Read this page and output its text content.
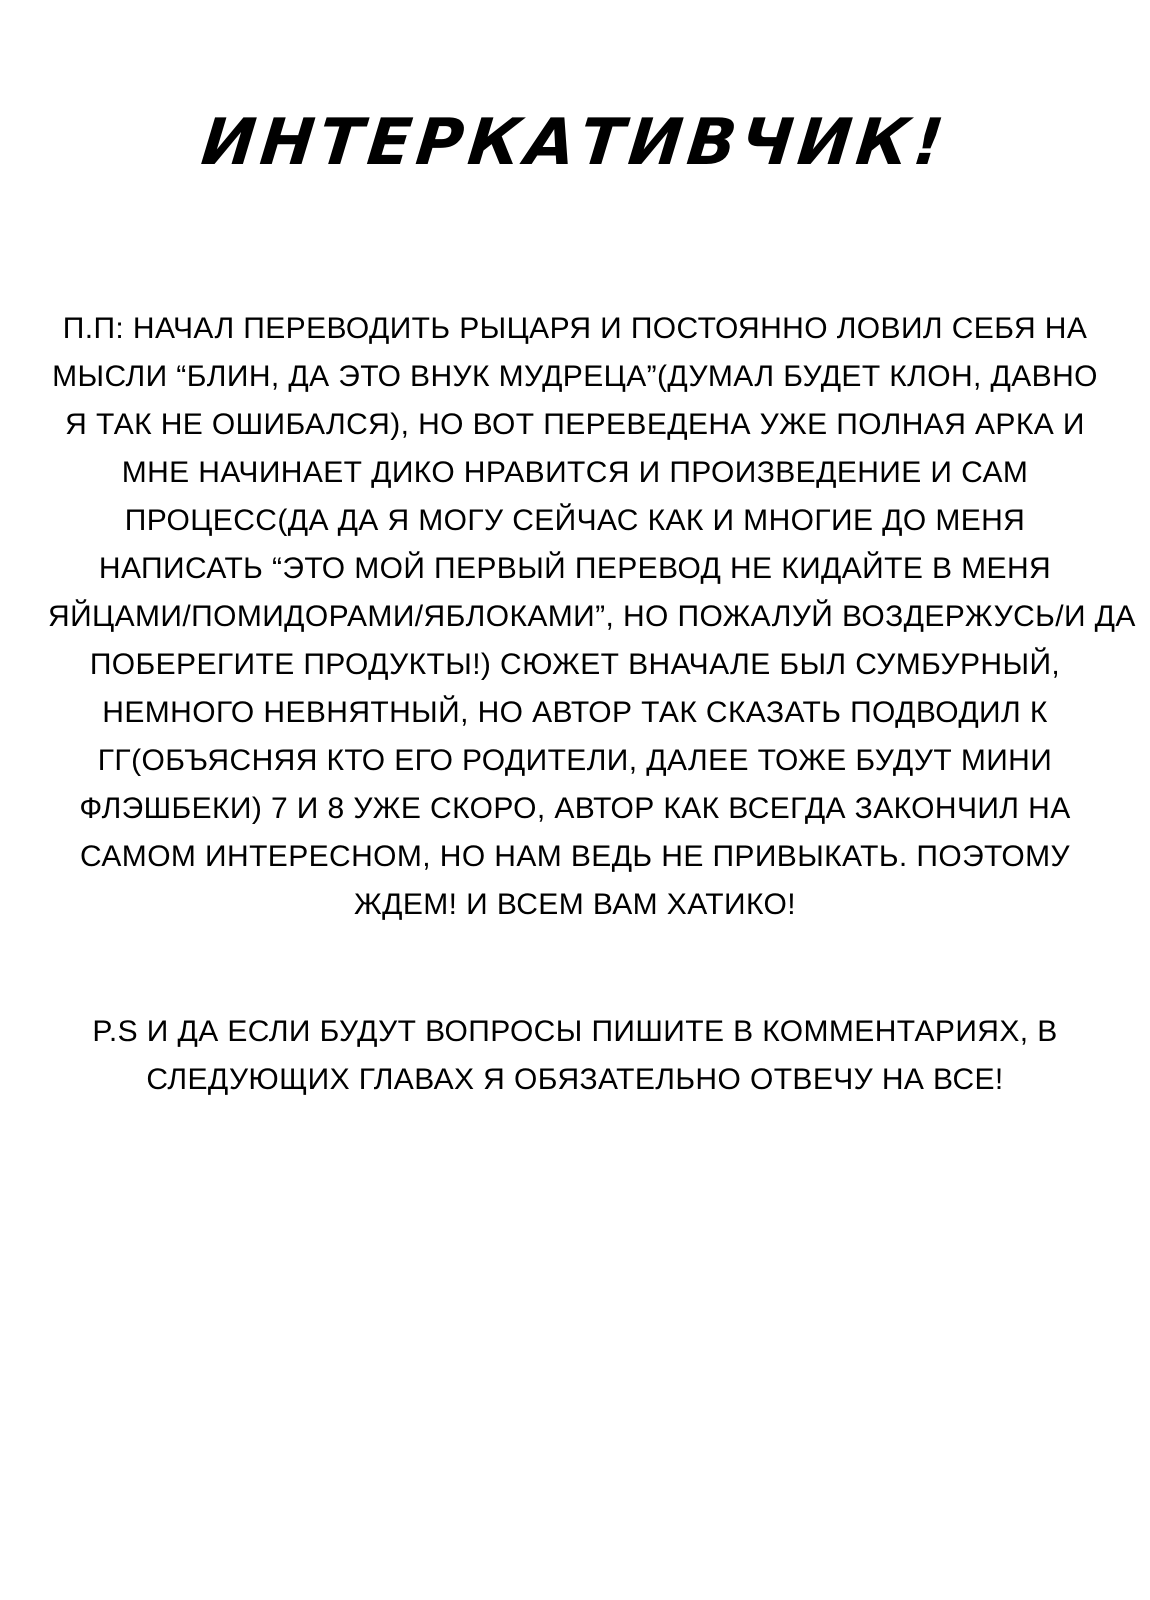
ИНТЕРКАТИВЧИК!
П.П: НАЧАЛ ПЕРЕВОДИТЬ РЫЦАРЯ И ПОСТОЯННО ЛОВИЛ СЕБЯ НА
МЫСЛИ “БЛИН, ДА ЭТО ВНУК МУДРЕЦА”(ДУМАЛ БУДЕТ КЛОН, ДАВНО
Я ТАК НЕ ОШИБАЛСЯ), НО ВОТ ПЕРЕВЕДЕНА УЖЕ ПОЛНАЯ АРКА И
МНЕ НАЧИНАЕТ ДИКО НРАВИТСЯ И ПРОИЗВЕДЕНИЕ И САМ
ПРОЦЕСС(ДА ДА Я МОГУ СЕЙЧАС КАК И МНОГИЕ ДО МЕНЯ
НАПИСАТЬ “ЭТО МОЙ ПЕРВЫЙ ПЕРЕВОД НЕ КИДАЙТЕ В МЕНЯ
ЯЙЦАМИ/ПОМИДОРАМИ/ЯБЛОКАМИ”, НО ПОЖАЛУЙ ВОЗДЕРЖУСЬ/И ДА
ПОБЕРЕГИТЕ ПРОДУКТЫ!) СЮЖЕТ ВНАЧАЛЕ БЫЛ СУМБУРНЫЙ,
НЕМНОГО НЕВНЯТНЫЙ, НО АВТОР ТАК СКАЗАТЬ ПОДВОДИЛ К
ГГ(ОБЪЯСНЯЯ КТО ЕГО РОДИТЕЛИ, ДАЛЕЕ ТОЖЕ БУДУТ МИНИ
ФЛЭШБЕКИ) 7 И 8 УЖЕ СКОРО, АВТОР КАК ВСЕГДА ЗАКОНЧИЛ НА
САМОМ ИНТЕРЕСНОМ, НО НАМ ВЕДЬ НЕ ПРИВЫКАТЬ. ПОЭТОМУ
ЖДЕМ! И ВСЕМ ВАМ ХАТИКО!
P.S И ДА ЕСЛИ БУДУТ ВОПРОСЫ ПИШИТЕ В КОММЕНТАРИЯХ, В
СЛЕДУЮЩИХ ГЛАВАХ Я ОБЯЗАТЕЛЬНО ОТВЕЧУ НА ВСЕ!
